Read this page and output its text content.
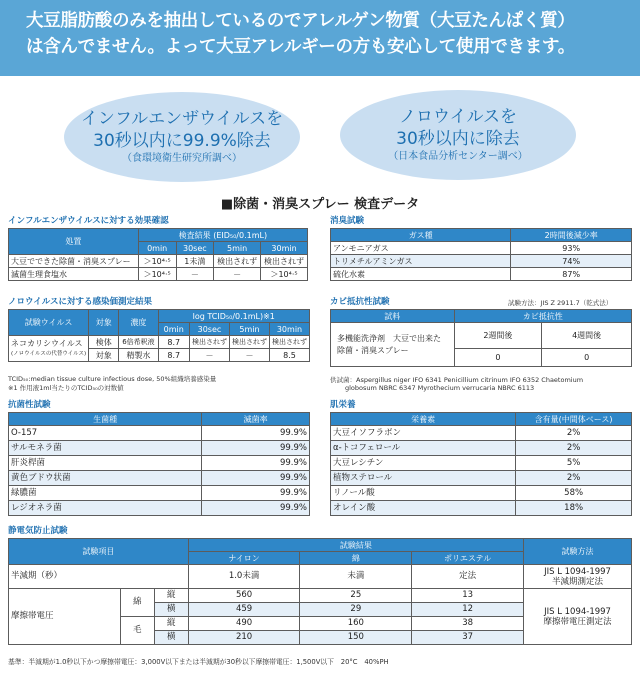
大豆脂肪酸のみを抽出しているのでアレルゲン物質（大豆たんぱく質）
は含んでません。よって大豆アレルギーの方も安心して使用できます。
インフルエンザウイルスを
30秒以内に99.9%除去
（食環境衛生研究所調べ）
ノロウイルスを
30秒以内に除去
（日本食品分析センター調べ）
■除菌・消臭スプレー 検査データ
インフルエンザウイルスに対する効果確認
処置	検査結果 (EID₅₀/0.1mL)			
	0min	30sec	5min	30min
大豆でできた除菌・消臭スプレー	＞10⁴·⁵	1未満	検出されず	検出されず
滅菌生理食塩水	＞10⁴·⁵	－	－	＞10⁴·⁵
消臭試験
ガス種	2時間後減少率
アンモニアガス	93%
トリメチルアミンガス	74%
硫化水素	87%
ノロウイルスに対する感染価測定結果
試験ウイルス	対象	濃度	log TCID₅₀/0.1mL)※1			
			0min	30sec	5min	30min

ネコカリシウイルス
(ノロウイルスの代替ウイルス)	検体	6倍希釈液	8.7	検出されず	検出されず	検出されず
	対象	精製水	8.7	－	－	8.5
TCID₅₀:median tissue culture infectious dose, 50%組織培養感染量
※1 作用液1ml当たりのTCID₅₀の対数値
カビ抵抗性試験	試験方法：JIS Z 2911.7（乾式法）
試料	カビ抵抗性	
多機能洗浄剤　大豆で出来た除菌・消臭スプレー	2週間後	4週間後
	0	0
供試菌：Aspergillus niger IFO 6341 Penicillium citrinum IFO 6352 Chaetomium
globosum NBRC 6347 Myrothecium verrucaria NBRC 6113
抗菌性試験
生菌種	滅菌率
O-157	99.9%
サルモネラ菌	99.9%
肝炎桿菌	99.9%
黄色ブドウ状菌	99.9%
緑膿菌	99.9%
レジオネラ菌	99.9%
肌栄養
栄養素	含有量(中間体ベース)
大豆イソフラボン	2%
α-トコフェロール	2%
大豆レシチン	5%
植物ステロール	2%
リノール酸	58%
オレイン酸	18%
静電気防止試験
試験項目			試験結果			試験方法
			ナイロン	綿	ポリエステル	
半減期（秒）			1.0未満	未満	定法	JIS L 1094-1997
半減期測定法

摩擦帯電圧	綿	縦	560	25	13	JIS L 1094-1997
摩擦帯電圧測定法

		横	459	29	12	
	毛	縦	490	160	38	
		横	210	150	37	
基準：半減期が1.0秒以下かつ摩擦帯電圧：3,000V以下または半減期が30秒以下摩擦帯電圧：1,500V以下　20°C　40%PH
